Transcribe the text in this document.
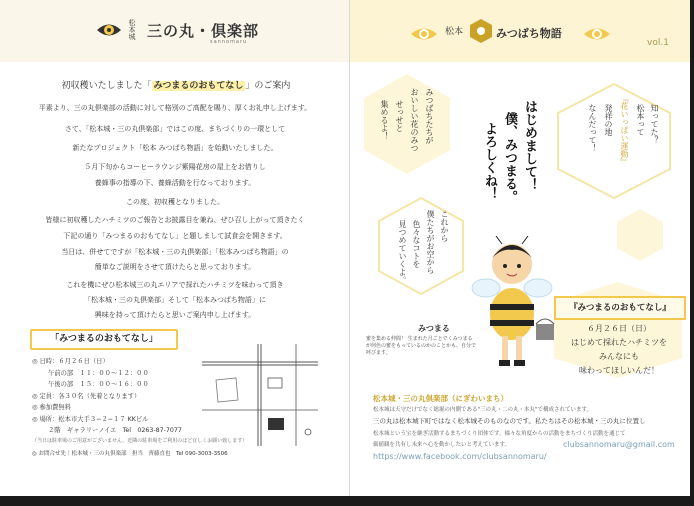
松本城 三の丸・倶楽部
sannomaru
松本	みつばち物語
vol.1
初収穫いたしました「 みつまるのおもてなし 」のご案内
平素より、三の丸倶楽部の活動に対して格別のご高配を賜り、厚くお礼申し上げます。
さて、「松本城・三の丸倶楽部」ではこの度、まちづくりの一環として
新たなプロジェクト「松本 みつばち物語」を始動いたしました。
５月下旬からコーヒーラウンジ紫陽花房の屋上をお借りし
養蜂事の指導の下、養蜂活動を行なっております。
この度、初収穫となりました。
皆様に初収穫したハチミツのご報告とお披露目を兼ね、ぜひ召し上がって頂きたく
下記の通り「みつまるのおもてなし」と題しまして試食会を開きます。
当日は、併せてですが「松本城・三の丸倶楽部」「松本みつばち物語」の
簡単なご説明をさせて頂けたらと思っております。
これを機にぜひ松本城三の丸エリアで採れたハチミツを味わって頂き
「松本城・三の丸倶楽部」そして「松本みつばち物語」に
興味を持って頂けたらと思いご案内申し上げます。
「みつまるのおもてなし」
◎ 日時：６月２６日（日）
午前の部　１１：００〜１２：００
午後の部　１５：００〜１６：００
◎ 定員：各３０名（先着となります）
◎ 参加費無料
◎ 場所：松本市大手３−２−１７ KKビル
２階　ギャラリーノイエ　Tel　0263-87-7077
（当日は駐車場のご用意がございません。近隣の駐車場をご利用のほど宜しくお願い致します）
◎ お問合せ先｜松本城・三の丸倶楽部　担当　齊藤直也　Tel 090-3003-3506
知ってた？
松本って
『花いっぱい運動』
発祥の地
なんだって！
みつばちたちが
おいしい花のみつ
せっせと
集めるよ！
これから
僕たちがお空から
色々なコトを
見つめていくよ。
はじめまして！
僕、みつまる。
よろしくね！
みつまる
蜜を集める仲間！ 生まれた月ごとでくみつまるが何色の蜜をもっているのかのことかも、自分で呼びます。
『みつまるのおもてなし』
６月２６日（日）
はじめて採れたハチミツを
みんなにも
味わってほしいんだ！
松本城・三の丸倶楽部（にぎわいまち）
松本城は天守だけでなく総堀の内側である"三の丸・二の丸・本丸"で構成されています。
三の丸は松本城下町ではなく松本城そのものなのです。私たちはその松本城・三の丸に位置し
松本城という宝を継ぎ活動するまちづくり団体です。様々な角度からの活動をまちづくり活動を通じて
価値観を共有し未来へ心を動かしたいと考えています。	clubsannomaru@gmail.com
https://www.facebook.com/clubsannomaru/
